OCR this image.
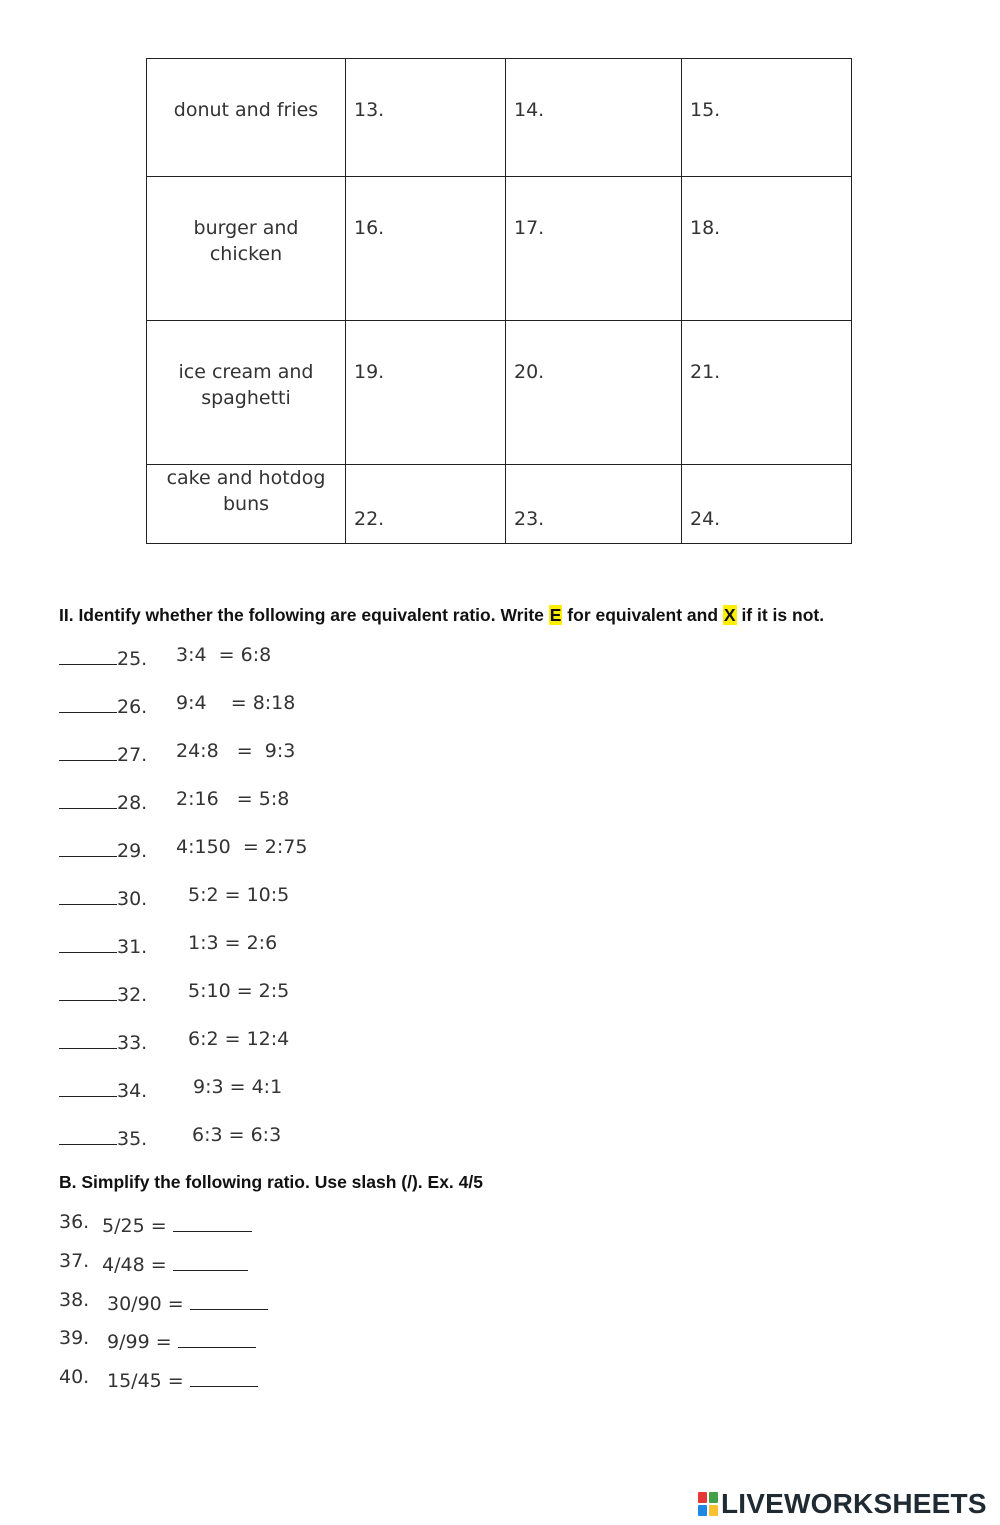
donut and fries	13.	14.	15.
burger and chicken	16.	17.	18.
ice cream and spaghetti	19.	20.	21.
cake and hotdog buns	22.	23.	24.
II. Identify whether the following are equivalent ratio. Write E for equivalent and X if it is not.
25. 3:4  = 6:8
26. 9:4    = 8:18
27. 24:8   =  9:3
28. 2:16   = 5:8
29. 4:150  = 2:75
30. 5:2 = 10:5
31. 1:3 = 2:6
32. 5:10 = 2:5
33. 6:2 = 12:4
34. 9:3 = 4:1
35. 6:3 = 6:3
B. Simplify the following ratio. Use slash (/). Ex. 4/5
36. 5/25 =
37. 4/48 =
38. 30/90 =
39. 9/99 =
40. 15/45 =
LIVEWORKSHEETS
